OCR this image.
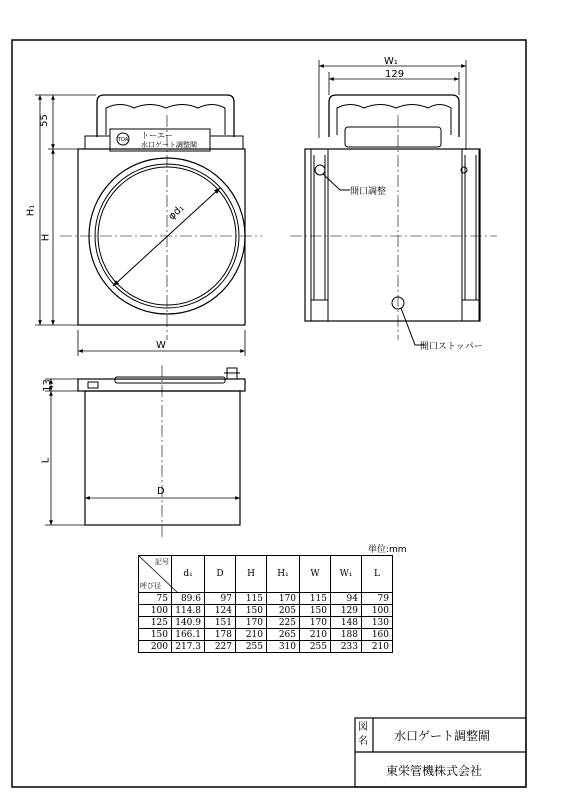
W₁
129
55
H₁
H
φd₁
W
13
L
D
TOA トーエー
水口ゲート調整閘
開口調整
開口ストッパー
単位:mm
記号
呼び径	d₁	D	H	H₁	W	W₁	L
75	89.6	97	115	170	115	94	79
100	114.8	124	150	205	150	129	100
125	140.9	151	170	225	170	148	130
150	166.1	178	210	265	210	188	160
200	217.3	227	255	310	255	233	210
図
名 水口ゲート調整閘
東栄管機株式会社
